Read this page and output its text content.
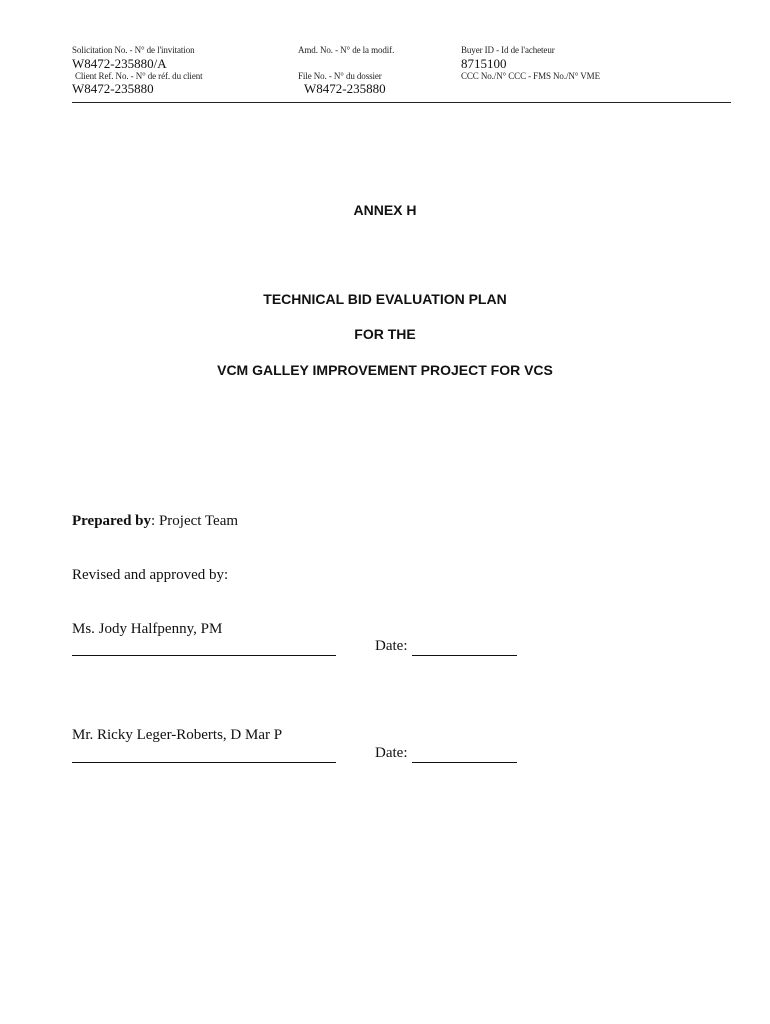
Solicitation No. - N° de l'invitation
W8472-235880/A
Amd. No. - N° de la modif.	Buyer ID - Id de l'acheteur
8715100
Client Ref. No. - N° de réf. du client
W8472-235880
File No. - N° du dossier
W8472-235880
CCC No./N° CCC - FMS No./N° VME
ANNEX H
TECHNICAL BID EVALUATION PLAN
FOR THE
VCM GALLEY IMPROVEMENT PROJECT FOR VCS
Prepared by: Project Team
Revised and approved by:
Ms. Jody Halfpenny, PM
Date:
Mr. Ricky Leger-Roberts, D Mar P
Date:
